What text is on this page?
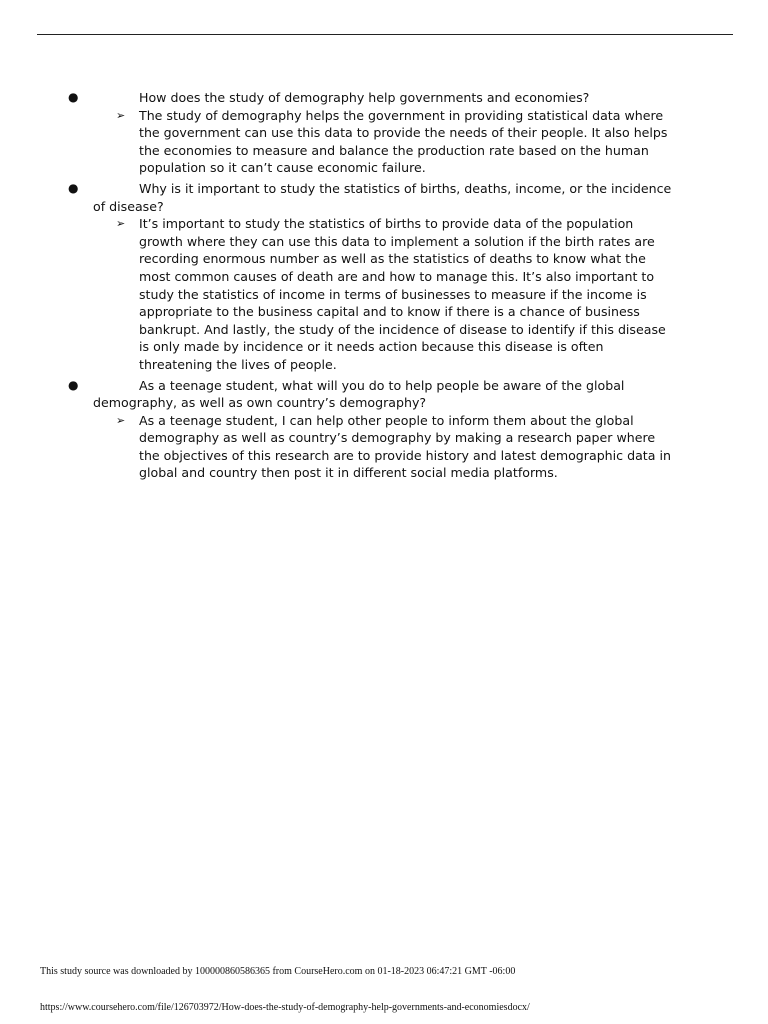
●	How does the study of demography help governments and economies?
➢ The study of demography helps the government in providing statistical data where the government can use this data to provide the needs of their people. It also helps the economies to measure and balance the production rate based on the human population so it can’t cause economic failure.
●	Why is it important to study the statistics of births, deaths, income, or the incidence of disease?
➢ It’s important to study the statistics of births to provide data of the population growth where they can use this data to implement a solution if the birth rates are recording enormous number as well as the statistics of deaths to know what the most common causes of death are and how to manage this. It’s also important to study the statistics of income in terms of businesses to measure if the income is appropriate to the business capital and to know if there is a chance of business bankrupt. And lastly, the study of the incidence of disease to identify if this disease is only made by incidence or it needs action because this disease is often threatening the lives of people.
●	As a teenage student, what will you do to help people be aware of the global demography, as well as own country’s demography?
➢ As a teenage student, I can help other people to inform them about the global demography as well as country’s demography by making a research paper where the objectives of this research are to provide history and latest demographic data in global and country then post it in different social media platforms.
This study source was downloaded by 100000860586365 from CourseHero.com on 01-18-2023 06:47:21 GMT -06:00
https://www.coursehero.com/file/126703972/How-does-the-study-of-demography-help-governments-and-economiesdocx/
